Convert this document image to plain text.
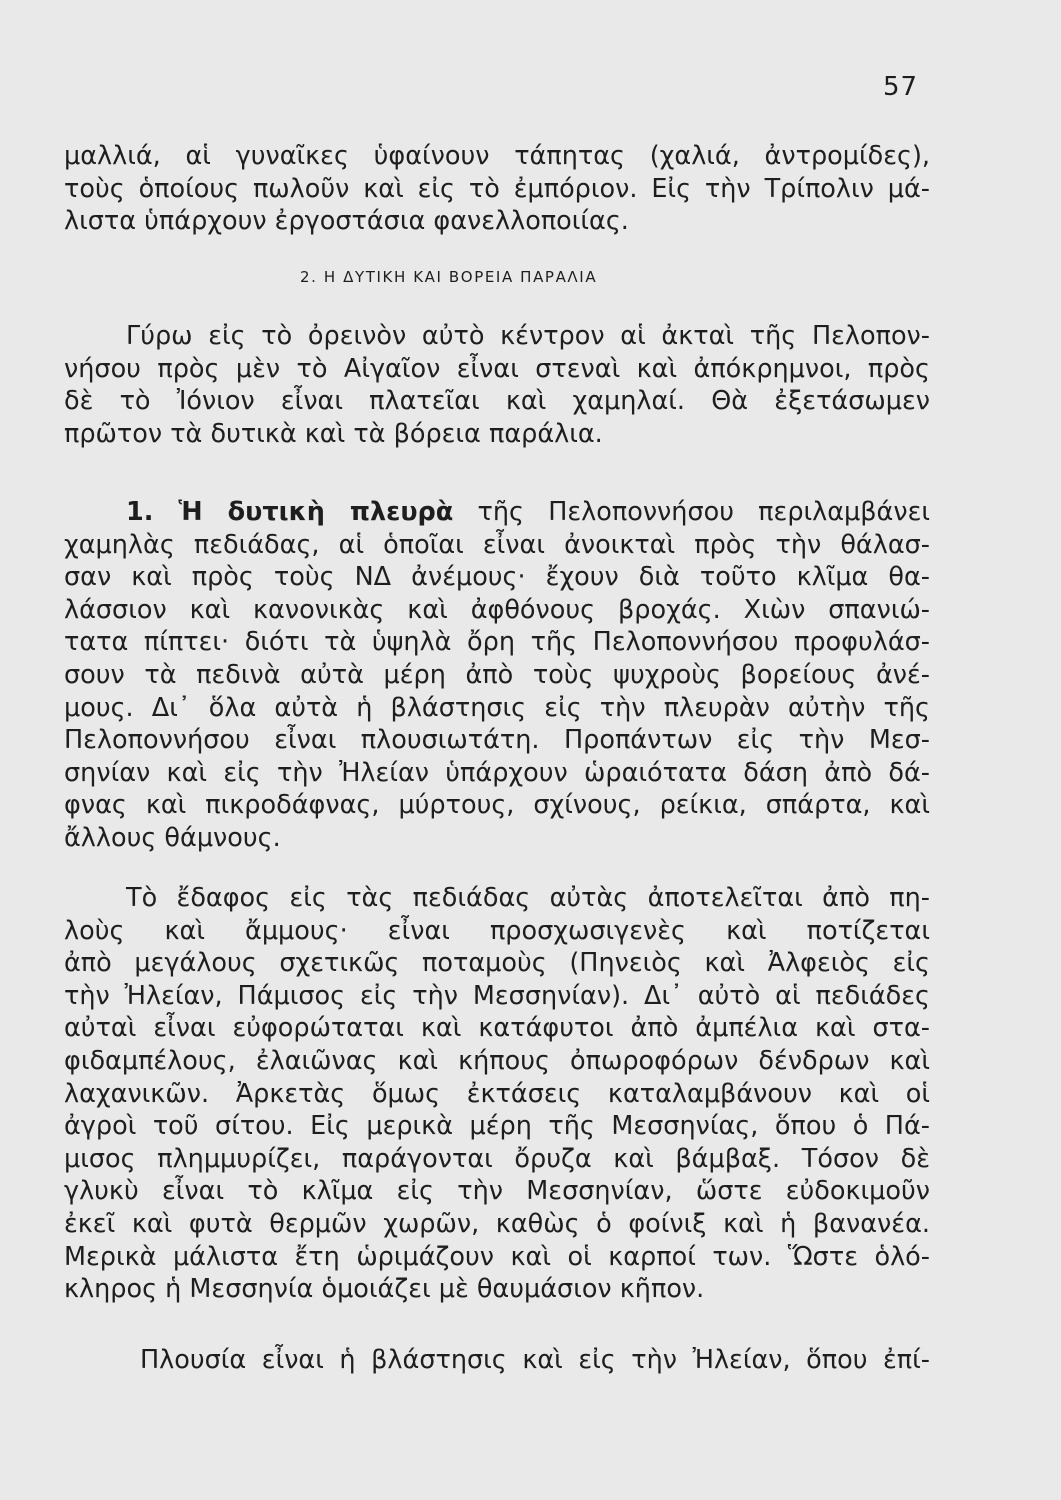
57
μαλλιά, αἱ γυναῖκες ὑφαίνουν τάπητας (χαλιά, ἀντρομίδες),
τοὺς ὁποίους πωλοῦν καὶ εἰς τὸ ἐμπόριον. Εἰς τὴν Τρίπολιν μά-
λιστα ὑπάρχουν ἐργοστάσια φανελλοποιίας.
2. Η ΔΥΤΙΚΗ ΚΑΙ ΒΟΡΕΙΑ ΠΑΡΑΛΙΑ
Γύρω εἰς τὸ ὀρεινὸν αὐτὸ κέντρον αἱ ἀκταὶ τῆς Πελοπον-
νήσου πρὸς μὲν τὸ Αἰγαῖον εἶναι στεναὶ καὶ ἀπόκρημνοι, πρὸς
δὲ τὸ Ἰόνιον εἶναι πλατεῖαι καὶ χαμηλαί. Θὰ ἐξετάσωμεν
πρῶτον τὰ δυτικὰ καὶ τὰ βόρεια παράλια.
1. Ἡ δυτικὴ πλευρὰ τῆς Πελοποννήσου περιλαμβάνει
χαμηλὰς πεδιάδας, αἱ ὁποῖαι εἶναι ἀνοικταὶ πρὸς τὴν θάλασ-
σαν καὶ πρὸς τοὺς ΝΔ ἀνέμους· ἔχουν διὰ τοῦτο κλῖμα θα-
λάσσιον καὶ κανονικὰς καὶ ἀφθόνους βροχάς. Χιὼν σπανιώ-
τατα πίπτει· διότι τὰ ὑψηλὰ ὄρη τῆς Πελοποννήσου προφυλάσ-
σουν τὰ πεδινὰ αὐτὰ μέρη ἀπὸ τοὺς ψυχροὺς βορείους ἀνέ-
μους. Δι᾿ ὅλα αὐτὰ ἡ βλάστησις εἰς τὴν πλευρὰν αὐτὴν τῆς
Πελοποννήσου εἶναι πλουσιωτάτη. Προπάντων εἰς τὴν Μεσ-
σηνίαν καὶ εἰς τὴν Ἠλείαν ὑπάρχουν ὡραιότατα δάση ἀπὸ δά-
φνας καὶ πικροδάφνας, μύρτους, σχίνους, ρείκια, σπάρτα, καὶ
ἄλλους θάμνους.
Τὸ ἔδαφος εἰς τὰς πεδιάδας αὐτὰς ἀποτελεῖται ἀπὸ πη-
λοὺς καὶ ἄμμους· εἶναι προσχωσιγενὲς καὶ ποτίζεται
ἀπὸ μεγάλους σχετικῶς ποταμοὺς (Πηνειὸς καὶ Ἀλφειὸς εἰς
τὴν Ἠλείαν, Πάμισος εἰς τὴν Μεσσηνίαν). Δι᾿ αὐτὸ αἱ πεδιάδες
αὐταὶ εἶναι εὐφορώταται καὶ κατάφυτοι ἀπὸ ἀμπέλια καὶ στα-
φιδαμπέλους, ἐλαιῶνας καὶ κήπους ὀπωροφόρων δένδρων καὶ
λαχανικῶν. Ἀρκετὰς ὅμως ἐκτάσεις καταλαμβάνουν καὶ οἱ
ἀγροὶ τοῦ σίτου. Εἰς μερικὰ μέρη τῆς Μεσσηνίας, ὅπου ὁ Πά-
μισος πλημμυρίζει, παράγονται ὄρυζα καὶ βάμβαξ. Τόσον δὲ
γλυκὺ εἶναι τὸ κλῖμα εἰς τὴν Μεσσηνίαν, ὥστε εὐδοκιμοῦν
ἐκεῖ καὶ φυτὰ θερμῶν χωρῶν, καθὼς ὁ φοίνιξ καὶ ἡ βανανέα.
Μερικὰ μάλιστα ἔτη ὡριμάζουν καὶ οἱ καρποί των. Ὥστε ὁλό-
κληρος ἡ Μεσσηνία ὁμοιάζει μὲ θαυμάσιον κῆπον.
Πλουσία εἶναι ἡ βλάστησις καὶ εἰς τὴν Ἠλείαν, ὅπου ἐπί-
